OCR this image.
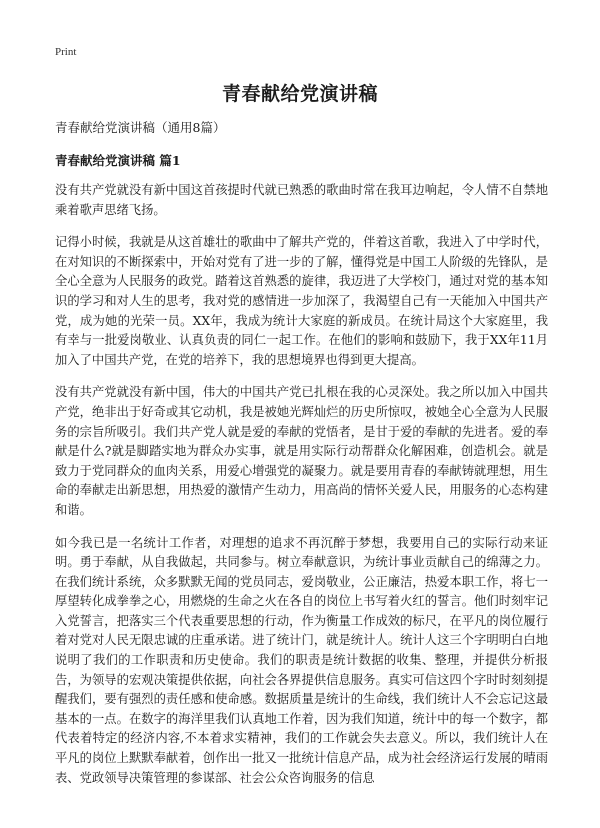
Print
青春献给党演讲稿

青春献给党演讲稿（通用8篇）

青春献给党演讲稿 篇1

没有共产党就没有新中国这首孩提时代就已熟悉的歌曲时常在我耳边响起，令人情不自禁地乘着歌声思绪飞扬。

记得小时候，我就是从这首雄壮的歌曲中了解共产党的，伴着这首歌，我进入了中学时代，在对知识的不断探索中，开始对党有了进一步的了解，懂得党是中国工人阶级的先锋队，是全心全意为人民服务的政党。踏着这首熟悉的旋律，我迈进了大学校门，通过对党的基本知识的学习和对人生的思考，我对党的感情进一步加深了，我渴望自己有一天能加入中国共产党，成为她的光荣一员。XX年，我成为统计大家庭的新成员。在统计局这个大家庭里，我有幸与一批爱岗敬业、认真负责的同仁一起工作。在他们的影响和鼓励下，我于XX年11月加入了中国共产党，在党的培养下，我的思想境界也得到更大提高。

没有共产党就没有新中国，伟大的中国共产党已扎根在我的心灵深处。我之所以加入中国共产党，绝非出于好奇或其它动机，我是被她光辉灿烂的历史所惊叹，被她全心全意为人民服务的宗旨所吸引。我们共产党人就是爱的奉献的党悟者，是甘于爱的奉献的先进者。爱的奉献是什么?就是脚踏实地为群众办实事，就是用实际行动帮群众化解困难，创造机会。就是致力于党同群众的血肉关系，用爱心增强党的凝聚力。就是要用青春的奉献铸就理想，用生命的奉献走出新思想，用热爱的激情产生动力，用高尚的情怀关爱人民，用服务的心态构建和谐。

如今我已是一名统计工作者，对理想的追求不再沉醉于梦想，我要用自己的实际行动来证明。勇于奉献，从自我做起，共同参与。树立奉献意识，为统计事业贡献自己的绵薄之力。在我们统计系统，众多默默无闻的党员同志，爱岗敬业，公正廉洁，热爱本职工作，将七一厚望转化成拳拳之心，用燃烧的生命之火在各自的岗位上书写着火红的誓言。他们时刻牢记入党誓言，把落实三个代表重要思想的行动，作为衡量工作成效的标尺，在平凡的岗位履行着对党对人民无限忠诚的庄重承诺。进了统计门，就是统计人。统计人这三个字明明白白地说明了我们的工作职责和历史使命。我们的职责是统计数据的收集、整理，并提供分析报告，为领导的宏观决策提供依据，向社会各界提供信息服务。真实可信这四个字时时刻刻提醒我们，要有强烈的责任感和使命感。数据质量是统计的生命线，我们统计人不会忘记这最基本的一点。在数字的海洋里我们认真地工作着，因为我们知道，统计中的每一个数字，都代表着特定的经济内容,不本着求实精神，我们的工作就会失去意义。所以，我们统计人在平凡的岗位上默默奉献着，创作出一批又一批统计信息产品，成为社会经济运行发展的晴雨表、党政领导决策管理的参谋部、社会公众咨询服务的信息
